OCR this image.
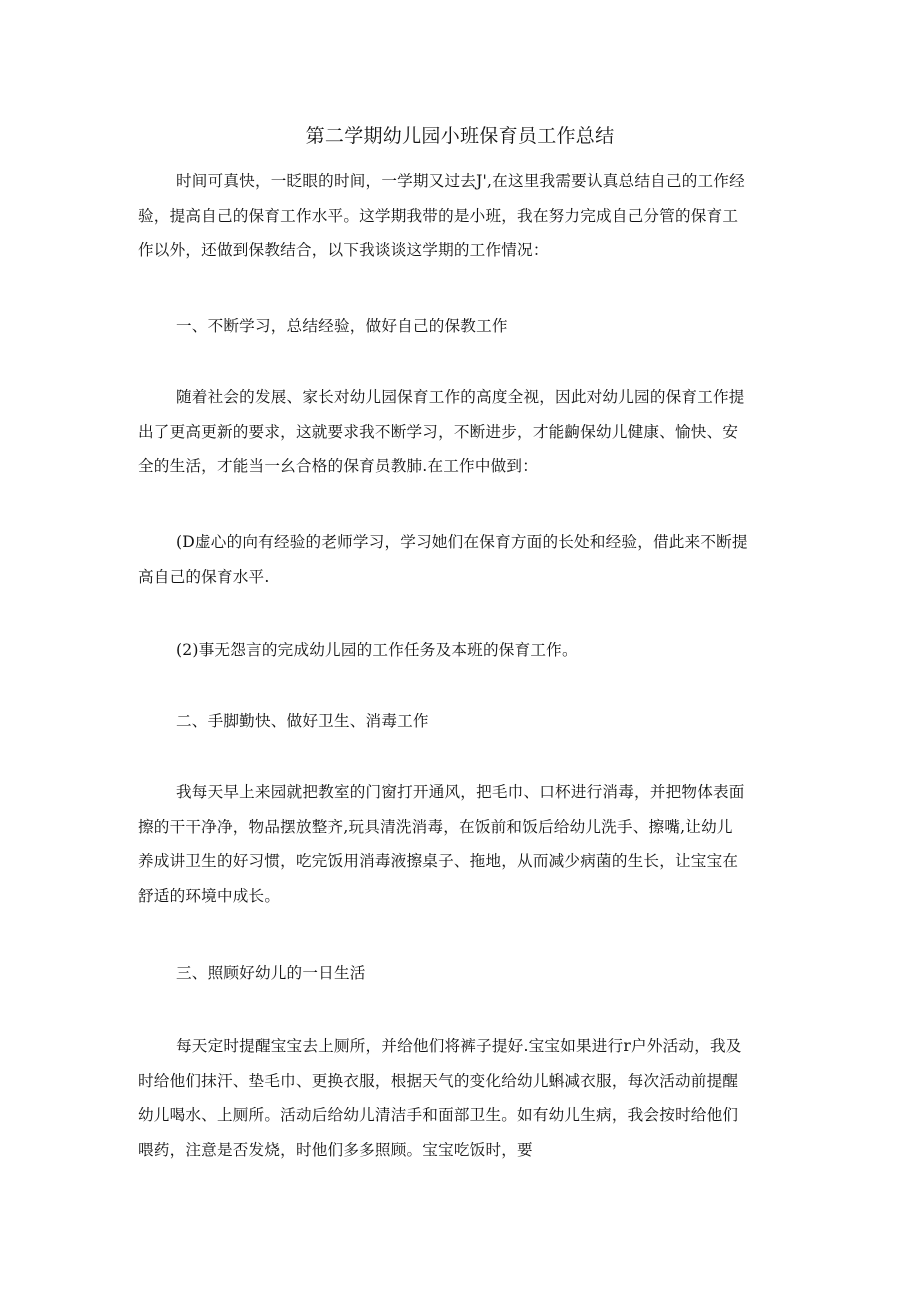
第二学期幼儿园小班保育员工作总结
时间可真快，一眨眼的时间，一学期又过去J',在这里我需要认真总结自己的工作经
验，提高自己的保育工作水平。这学期我带的是小班，我在努力完成自己分管的保育工
作以外，还做到保教结合，以下我谈谈这学期的工作情况：

一、不断学习，总结经验，做好自己的保教工作

随着社会的发展、家长对幼儿园保育工作的高度全视，因此对幼儿园的保育工作提
出了更高更新的要求，这就要求我不断学习，不断进步，才能齣保幼儿健康、愉快、安
全的生活，才能当一幺合格的保育员教肺.在工作中做到：
(D虚心的向有经验的老师学习，学习她们在保育方面的长处和经验，借此来不断提
高自己的保育水平.
(2)事无怨言的完成幼儿园的工作任务及本班的保育工作。

二、手脚勤快、做好卫生、消毒工作

我每天早上来园就把教室的门窗打开通风，把毛巾、口杯进行消毒，并把物体表面
擦的干干净净，物品摆放整齐,玩具清洗消毒，在饭前和饭后给幼儿洗手、擦嘴,让幼儿
养成讲卫生的好习惯，吃完饭用消毒液擦桌子、拖地，从而减少病菌的生长，让宝宝在
舒适的环境中成长。

三、照顾好幼儿的一日生活

每天定时提醒宝宝去上厕所，并给他们将裤子提好.宝宝如果进行r户外活动，我及
时给他们抹汗、垫毛巾、更换衣服，根据天气的变化给幼儿蝌减衣服，每次活动前提醒
幼儿喝水、上厕所。活动后给幼儿清洁手和面部卫生。如有幼儿生病，我会按时给他们
喂药，注意是否发烧，时他们多多照顾。宝宝吃饭时，要
